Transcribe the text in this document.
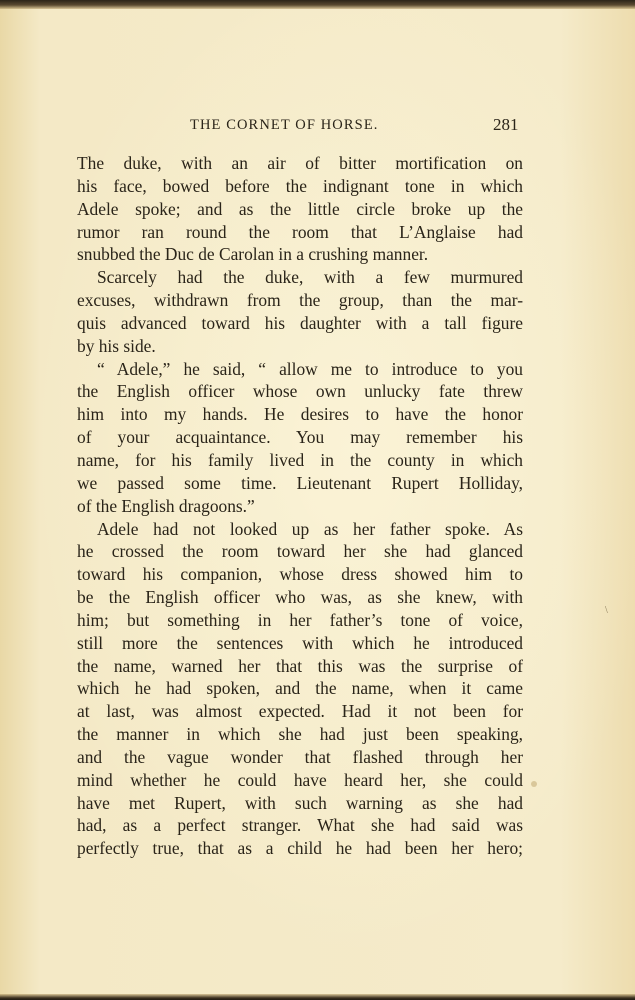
THE CORNET OF HORSE.	281
The duke, with an air of bitter mortification on
his face, bowed before the indignant tone in which
Adele spoke; and as the little circle broke up the
rumor ran round the room that L’Anglaise had
snubbed the Duc de Carolan in a crushing manner.
Scarcely had the duke, with a few murmured
excuses, withdrawn from the group, than the mar-
quis advanced toward his daughter with a tall figure
by his side.
“ Adele,” he said, “ allow me to introduce to you
the English officer whose own unlucky fate threw
him into my hands. He desires to have the honor
of your acquaintance. You may remember his
name, for his family lived in the county in which
we passed some time. Lieutenant Rupert Holliday,
of the English dragoons.”
Adele had not looked up as her father spoke. As
he crossed the room toward her she had glanced
toward his companion, whose dress showed him to
be the English officer who was, as she knew, with
him; but something in her father’s tone of voice,
still more the sentences with which he introduced
the name, warned her that this was the surprise of
which he had spoken, and the name, when it came
at last, was almost expected. Had it not been for
the manner in which she had just been speaking,
and the vague wonder that flashed through her
mind whether he could have heard her, she could
have met Rupert, with such warning as she had
had, as a perfect stranger. What she had said was
perfectly true, that as a child he had been her hero;
\
